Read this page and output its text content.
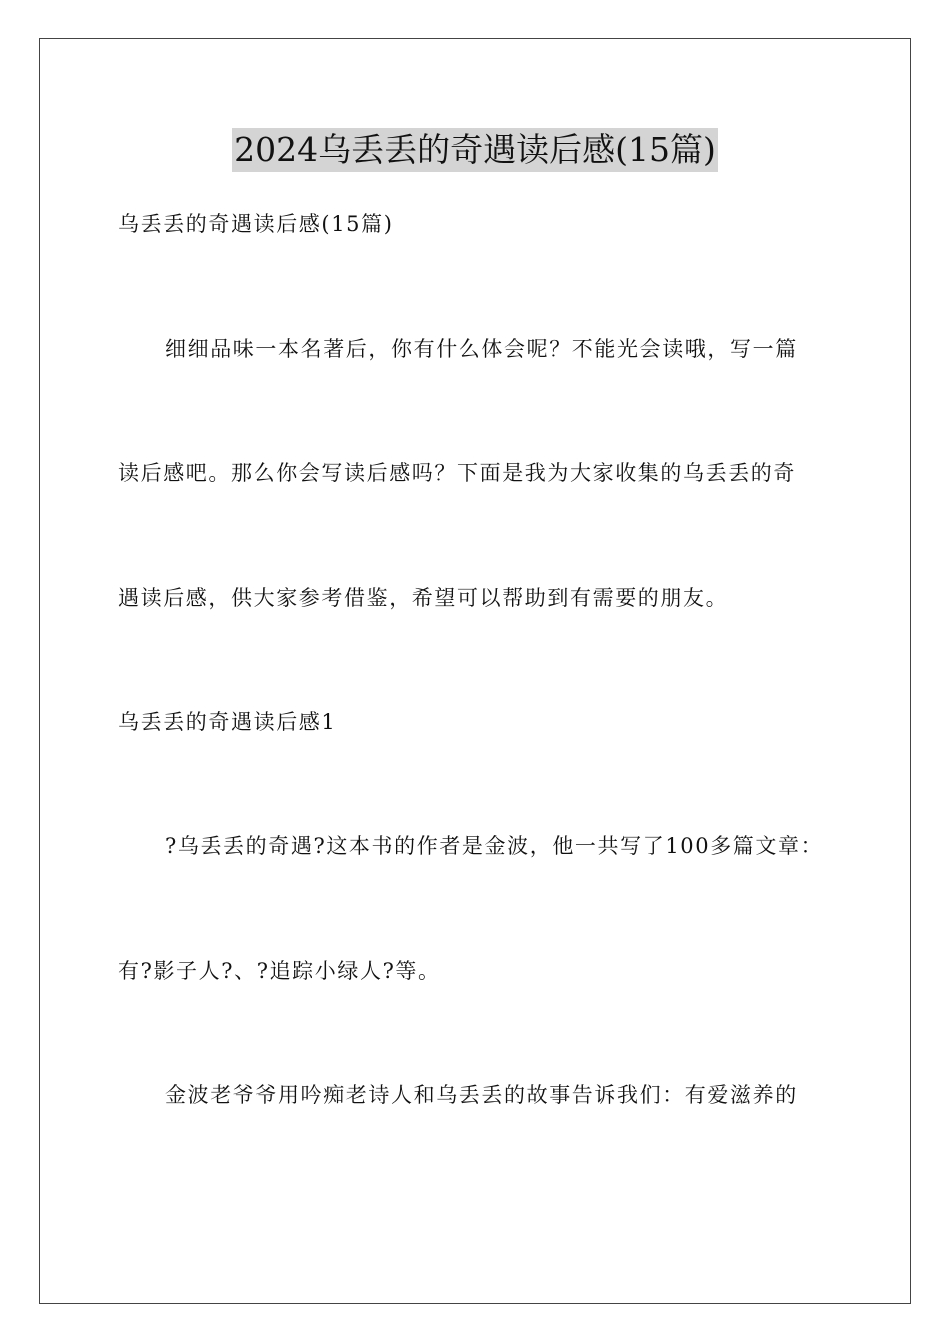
2024乌丢丢的奇遇读后感(15篇)
乌丢丢的奇遇读后感(15篇)
细细品味一本名著后，你有什么体会呢？不能光会读哦，写一篇
读后感吧。那么你会写读后感吗？下面是我为大家收集的乌丢丢的奇
遇读后感，供大家参考借鉴，希望可以帮助到有需要的朋友。
乌丢丢的奇遇读后感1
?乌丢丢的奇遇?这本书的作者是金波，他一共写了100多篇文章：
有?影子人?、?追踪小绿人?等。
金波老爷爷用吟痴老诗人和乌丢丢的故事告诉我们：有爱滋养的
